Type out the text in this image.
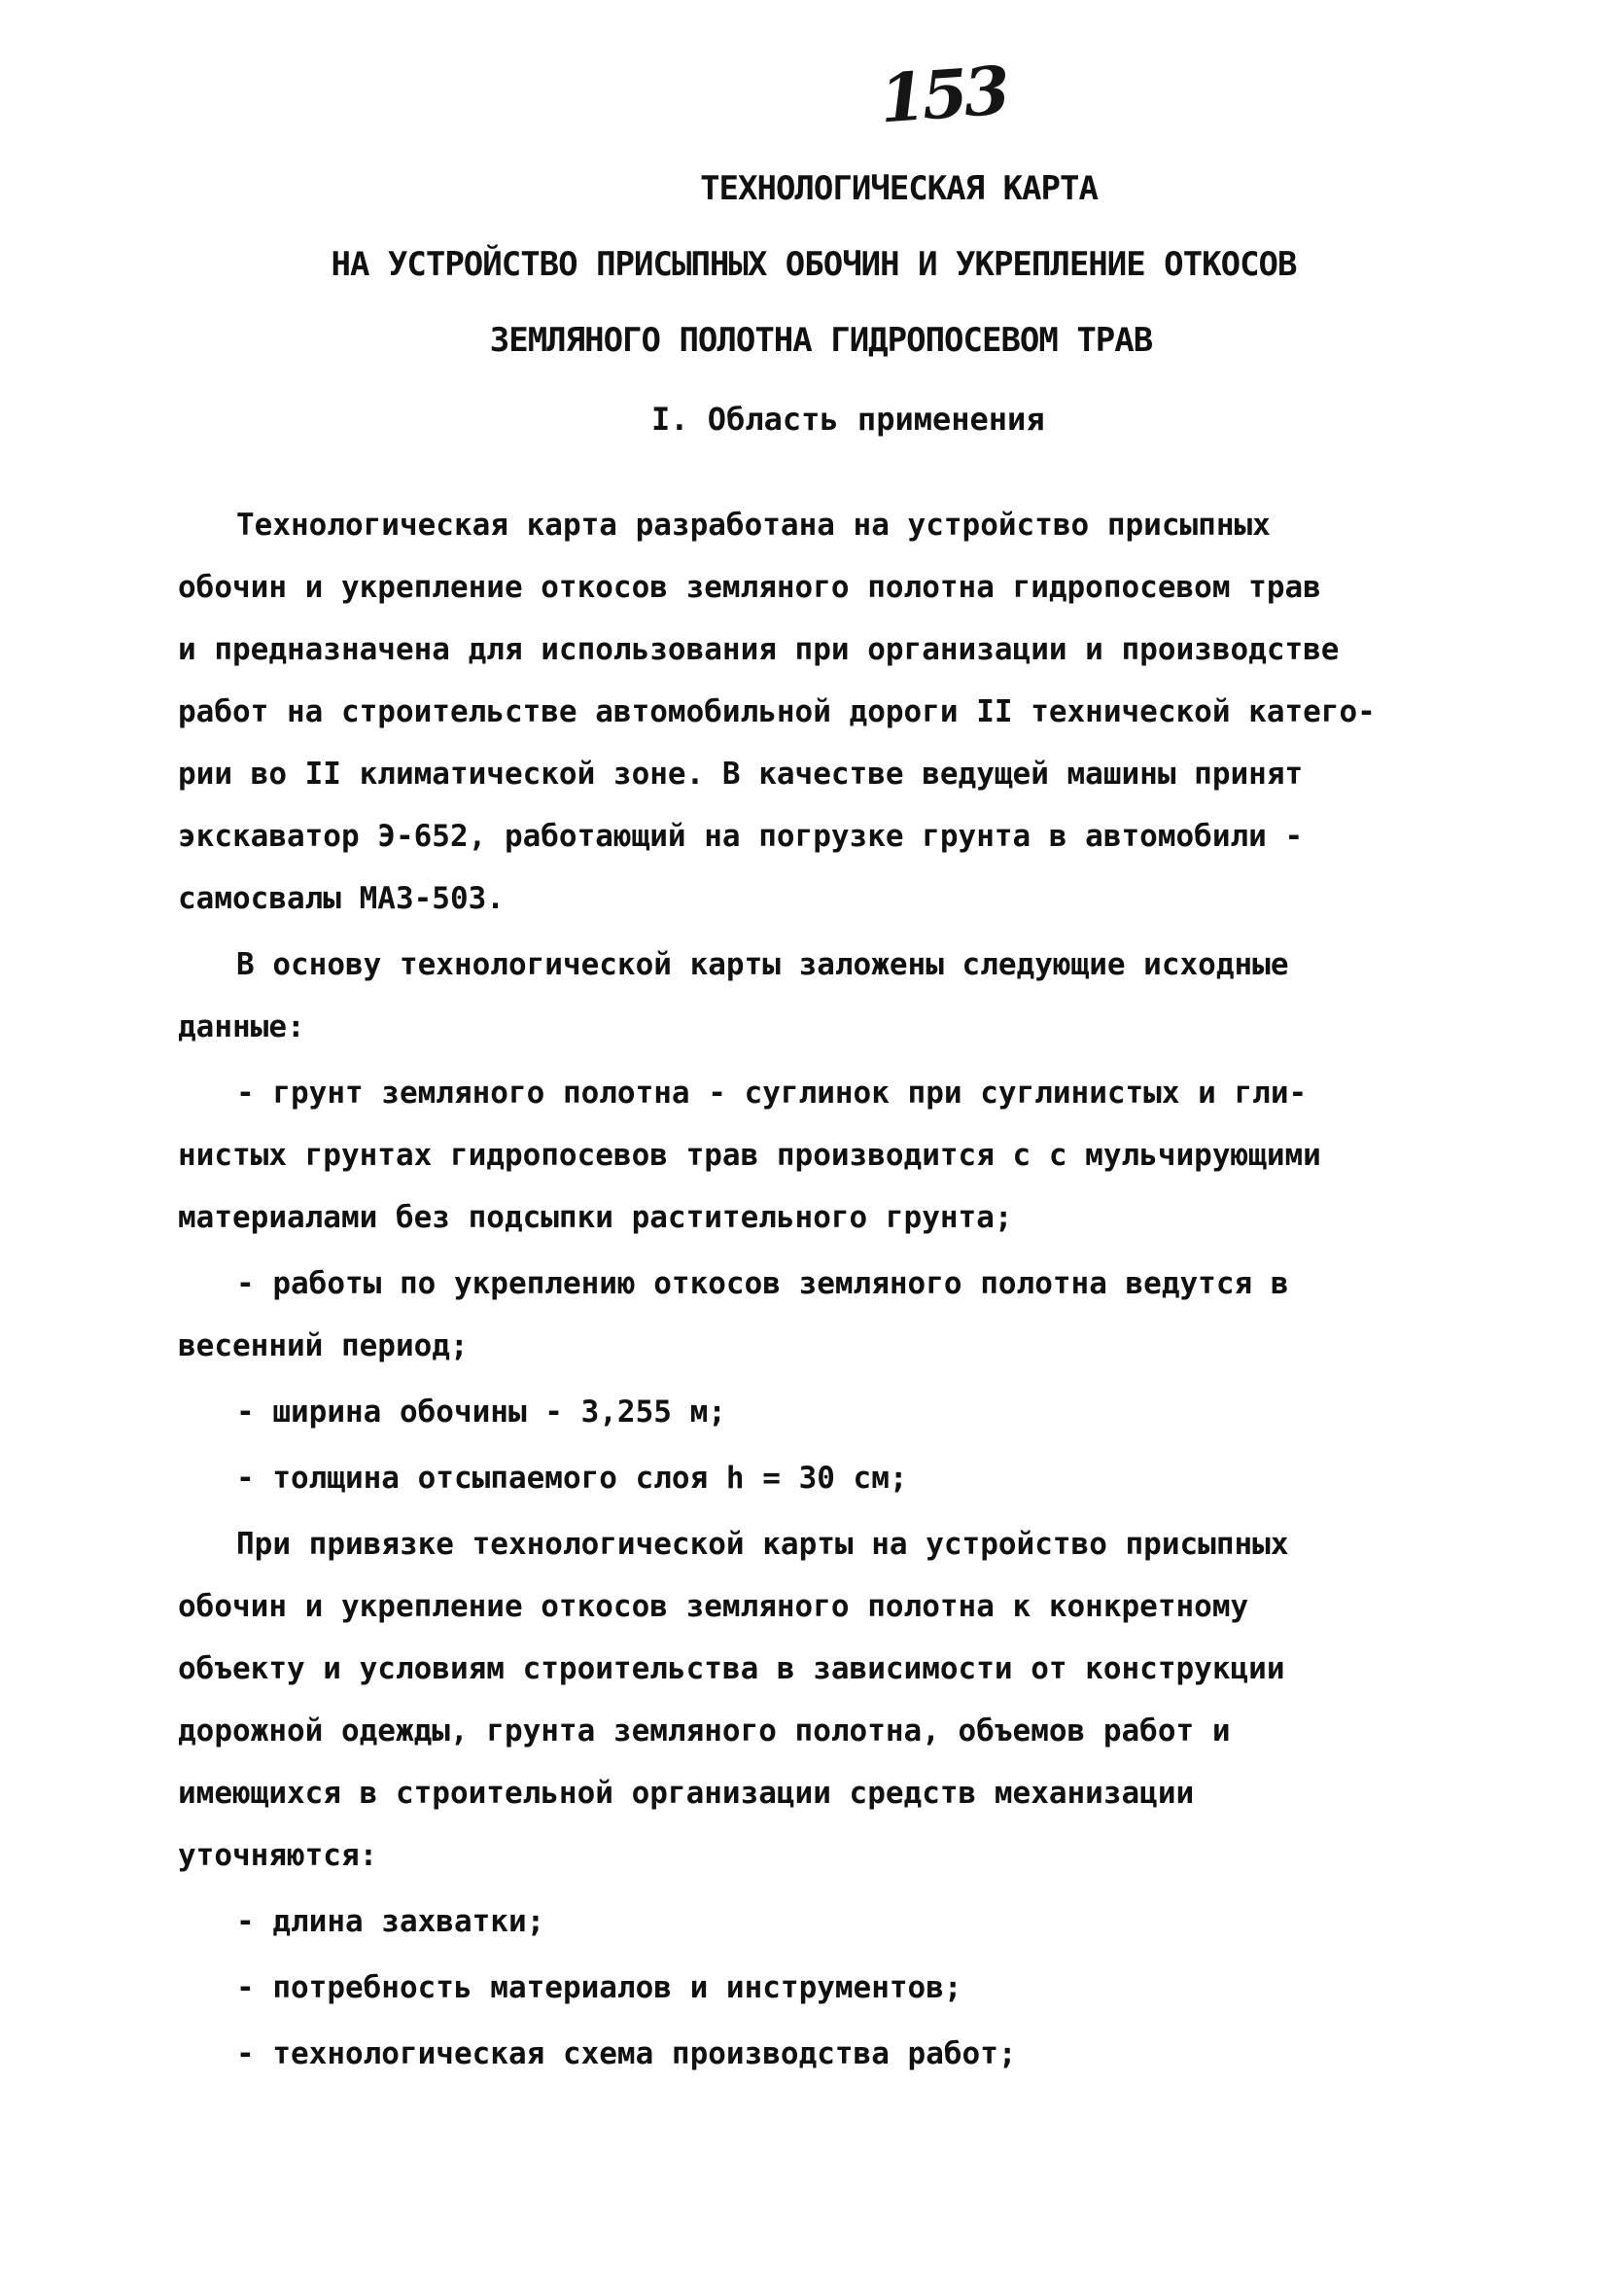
153
ТЕХНОЛОГИЧЕСКАЯ КАРТА
НА УСТРОЙСТВО ПРИСЫПНЫХ ОБОЧИН И УКРЕПЛЕНИЕ ОТКОСОВ
ЗЕМЛЯНОГО ПОЛОТНА ГИДРОПОСЕВОМ ТРАВ
I. Область применения
Технологическая карта разработана на устройство присыпных
обочин и укрепление откосов земляного полотна гидропосевом трав
и предназначена для использования при организации и производстве
работ на строительстве автомобильной дороги II технической катего-
рии во II климатической зоне. В качестве ведущей машины принят
экскаватор Э-652, работающий на погрузке грунта в автомобили -
самосвалы МАЗ-503.
В основу технологической карты заложены следующие исходные
данные:
- грунт земляного полотна - суглинок при суглинистых и гли-
нистых грунтах гидропосевов трав производится с с мульчирующими
материалами без подсыпки растительного грунта;
- работы по укреплению откосов земляного полотна ведутся в
весенний период;
- ширина обочины - 3,255 м;
- толщина отсыпаемого слоя h = 30 см;
При привязке технологической карты на устройство присыпных
обочин и укрепление откосов земляного полотна к конкретному
объекту и условиям строительства в зависимости от конструкции
дорожной одежды, грунта земляного полотна, объемов работ и
имеющихся в строительной организации средств механизации
уточняются:
- длина захватки;
- потребность материалов и инструментов;
- технологическая схема производства работ;
